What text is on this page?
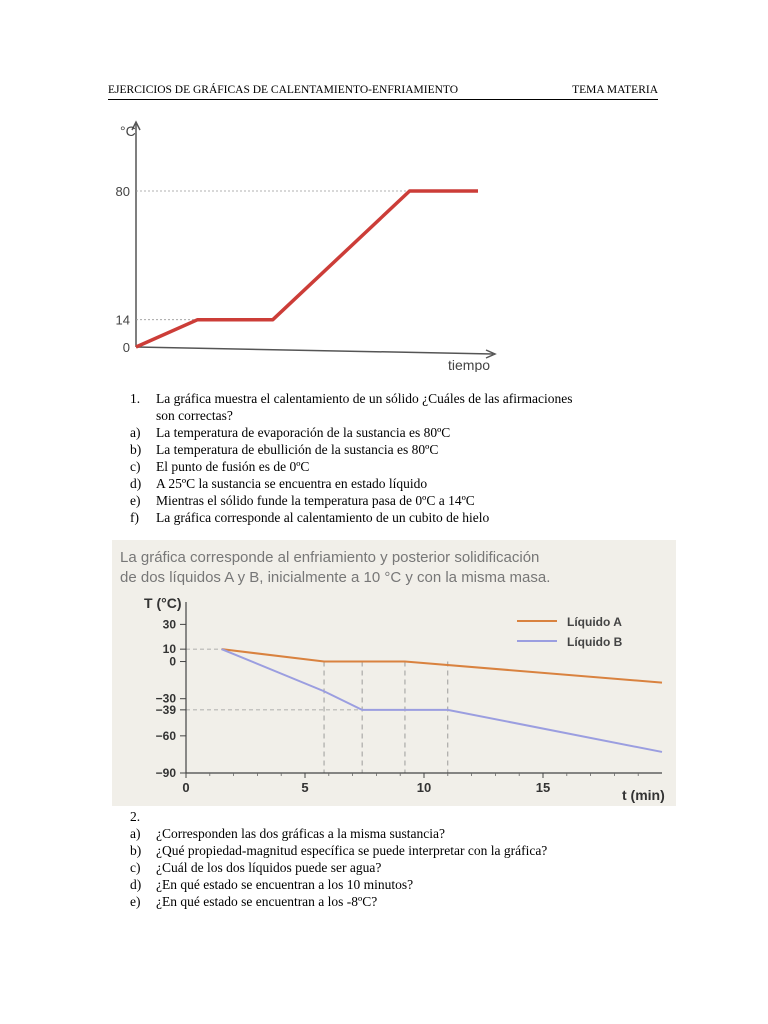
EJERCICIOS DE GRÁFICAS DE CALENTAMIENTO-ENFRIAMIENTO	TEMA MATERIA
0
14
80
°C
tiempo
1.	La gráfica muestra el calentamiento de un sólido ¿Cuáles de las afirmaciones
son correctas?
a)	La temperatura de evaporación de la sustancia es 80ºC
b)	La temperatura de ebullición de la sustancia es 80ºC
c)	El punto de fusión es de 0ºC
d)	A 25ºC la sustancia se encuentra en estado líquido
e)	Mientras el sólido funde la temperatura pasa de 0ºC a 14ºC
f)	La gráfica corresponde al calentamiento de un cubito de hielo
La gráfica corresponde al enfriamiento y posterior solidificación
de dos líquidos A y B, inicialmente a 10 °C y con la misma masa.
30
10
0
−30
−39
−60
−90
0	5	10	15
Líquido A
Líquido B
T (°C)
t (min)
2.
a)	¿Corresponden las dos gráficas a la misma sustancia?
b)	¿Qué propiedad-magnitud específica se puede interpretar con la gráfica?
c)	¿Cuál de los dos líquidos puede ser agua?
d)	¿En qué estado se encuentran a los 10 minutos?
e)	¿En qué estado se encuentran a los -8ºC?
